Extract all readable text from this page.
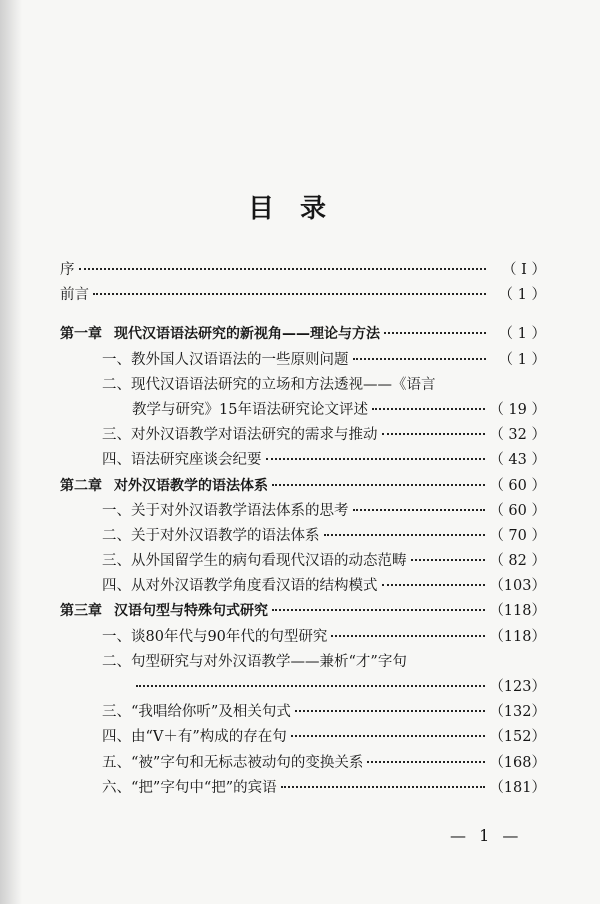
目录
序	（ Ⅰ ）
前言	（ 1 ）
第一章 现代汉语语法研究的新视角——理论与方法	（ 1 ）
一、教外国人汉语语法的一些原则问题	（ 1 ）
二、现代汉语语法研究的立场和方法透视——《语言
教学与研究》15年语法研究论文评述	（ 19 ）
三、对外汉语教学对语法研究的需求与推动	（ 32 ）
四、语法研究座谈会纪要	（ 43 ）
第二章 对外汉语教学的语法体系	（ 60 ）
一、关于对外汉语教学语法体系的思考	（ 60 ）
二、关于对外汉语教学的语法体系	（ 70 ）
三、从外国留学生的病句看现代汉语的动态范畴	（ 82 ）
四、从对外汉语教学角度看汉语的结构模式	（103）
第三章 汉语句型与特殊句式研究	（118）
一、谈80年代与90年代的句型研究	（118）
二、句型研究与对外汉语教学——兼析“才”字句
（123）
三、“我唱给你听”及相关句式	（132）
四、由“V＋有”构成的存在句	（152）
五、“被”字句和无标志被动句的变换关系	（168）
六、“把”字句中“把”的宾语	（181）
— 1 —
